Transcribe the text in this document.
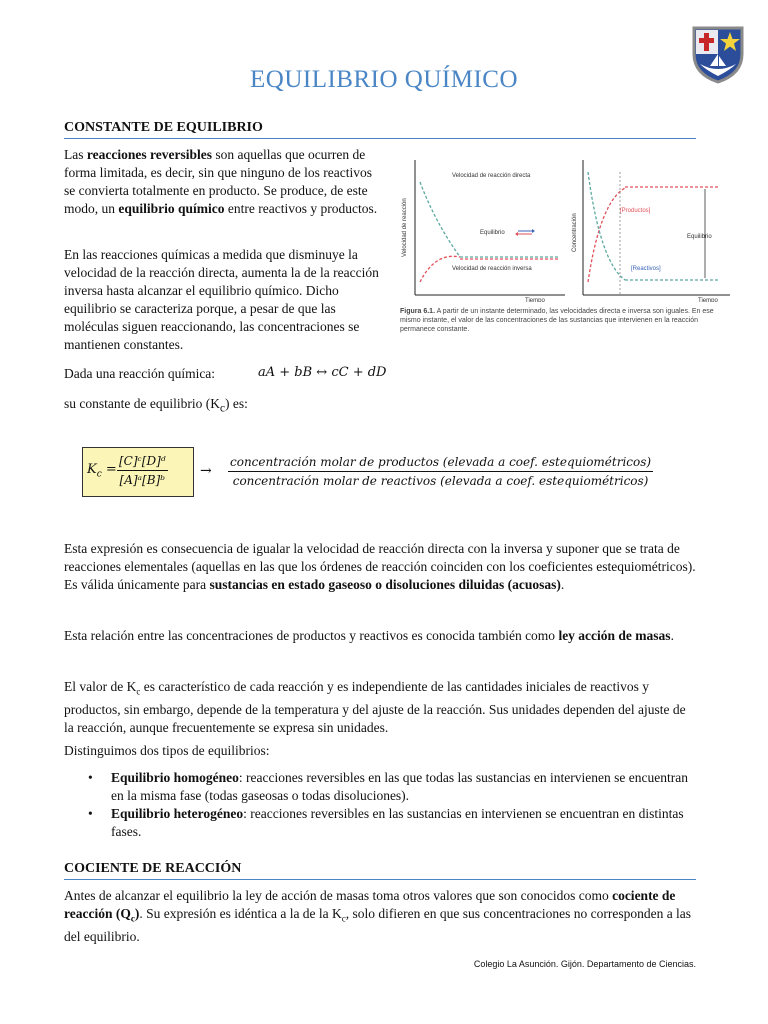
EQUILIBRIO QUÍMICO
CONSTANTE DE EQUILIBRIO

Las reacciones reversibles son aquellas que ocurren de forma limitada, es decir, sin que ninguno de los reactivos se convierta totalmente en producto. Se produce, de este modo, un equilibrio químico entre reactivos y productos.

En las reacciones químicas a medida que disminuye la velocidad de la reacción directa, aumenta la de la reacción inversa hasta alcanzar el equilibrio químico. Dicho equilibrio se caracteriza porque, a pesar de que las moléculas siguen reaccionando, las concentraciones se mantienen constantes.

Velocidad de reacción
Velocidad de reacción directa
Equilibrio
Velocidad de reacción inversa
Tiempo
Concentración
[Productos]
Equilibrio
[Reactivos]
Tiempo
Figura 6.1. A partir de un instante determinado, las velocidades directa e inversa son iguales. En ese mismo instante, el valor de las concentraciones de las sustancias que intervienen en la reacción permanece constante.
Dada una reacción química:	aA + bB ↔ cC + dD
su constante de equilibrio $(K_c)$ es:
$K_c = \frac{\text{[C]ᶜ[D]ᵈ}}{\text{[A]ᵃ[B]ᵇ}}$ →
concentración molar de productos (elevada a coef. estequiométricos)
concentración molar de reactivos (elevada a coef. estequiométricos)

Esta expresión es consecuencia de igualar la velocidad de reacción directa con la inversa y suponer que se trata de reacciones elementales (aquellas en las que los órdenes de reacción coinciden con los coeficientes estequiométricos). Es válida únicamente para sustancias en estado gaseoso o disoluciones diluidas (acuosas).

Esta relación entre las concentraciones de productos y reactivos es conocida también como ley acción de masas.

El valor de $K_c$ es característico de cada reacción y es independiente de las cantidades iniciales de reactivos y productos, sin embargo, depende de la temperatura y del ajuste de la reacción. Sus unidades dependen del ajuste de la reacción, aunque frecuentemente se expresa sin unidades.

Distinguimos dos tipos de equilibrios:

• Equilibrio homogéneo: reacciones reversibles en las que todas las sustancias en intervienen se encuentran en la misma fase (todas gaseosas o todas disoluciones).
• Equilibrio heterogéneo: reacciones reversibles en las sustancias en intervienen se encuentran en distintas fases.
COCIENTE DE REACCIÓN

Antes de alcanzar el equilibrio la ley de acción de masas toma otros valores que son conocidos como cociente de reacción $(Q_c)$. Su expresión es idéntica a la de la $K_c$, solo difieren en que sus concentraciones no corresponden a las del equilibrio.

Colegio La Asunción. Gijón. Departamento de Ciencias.
